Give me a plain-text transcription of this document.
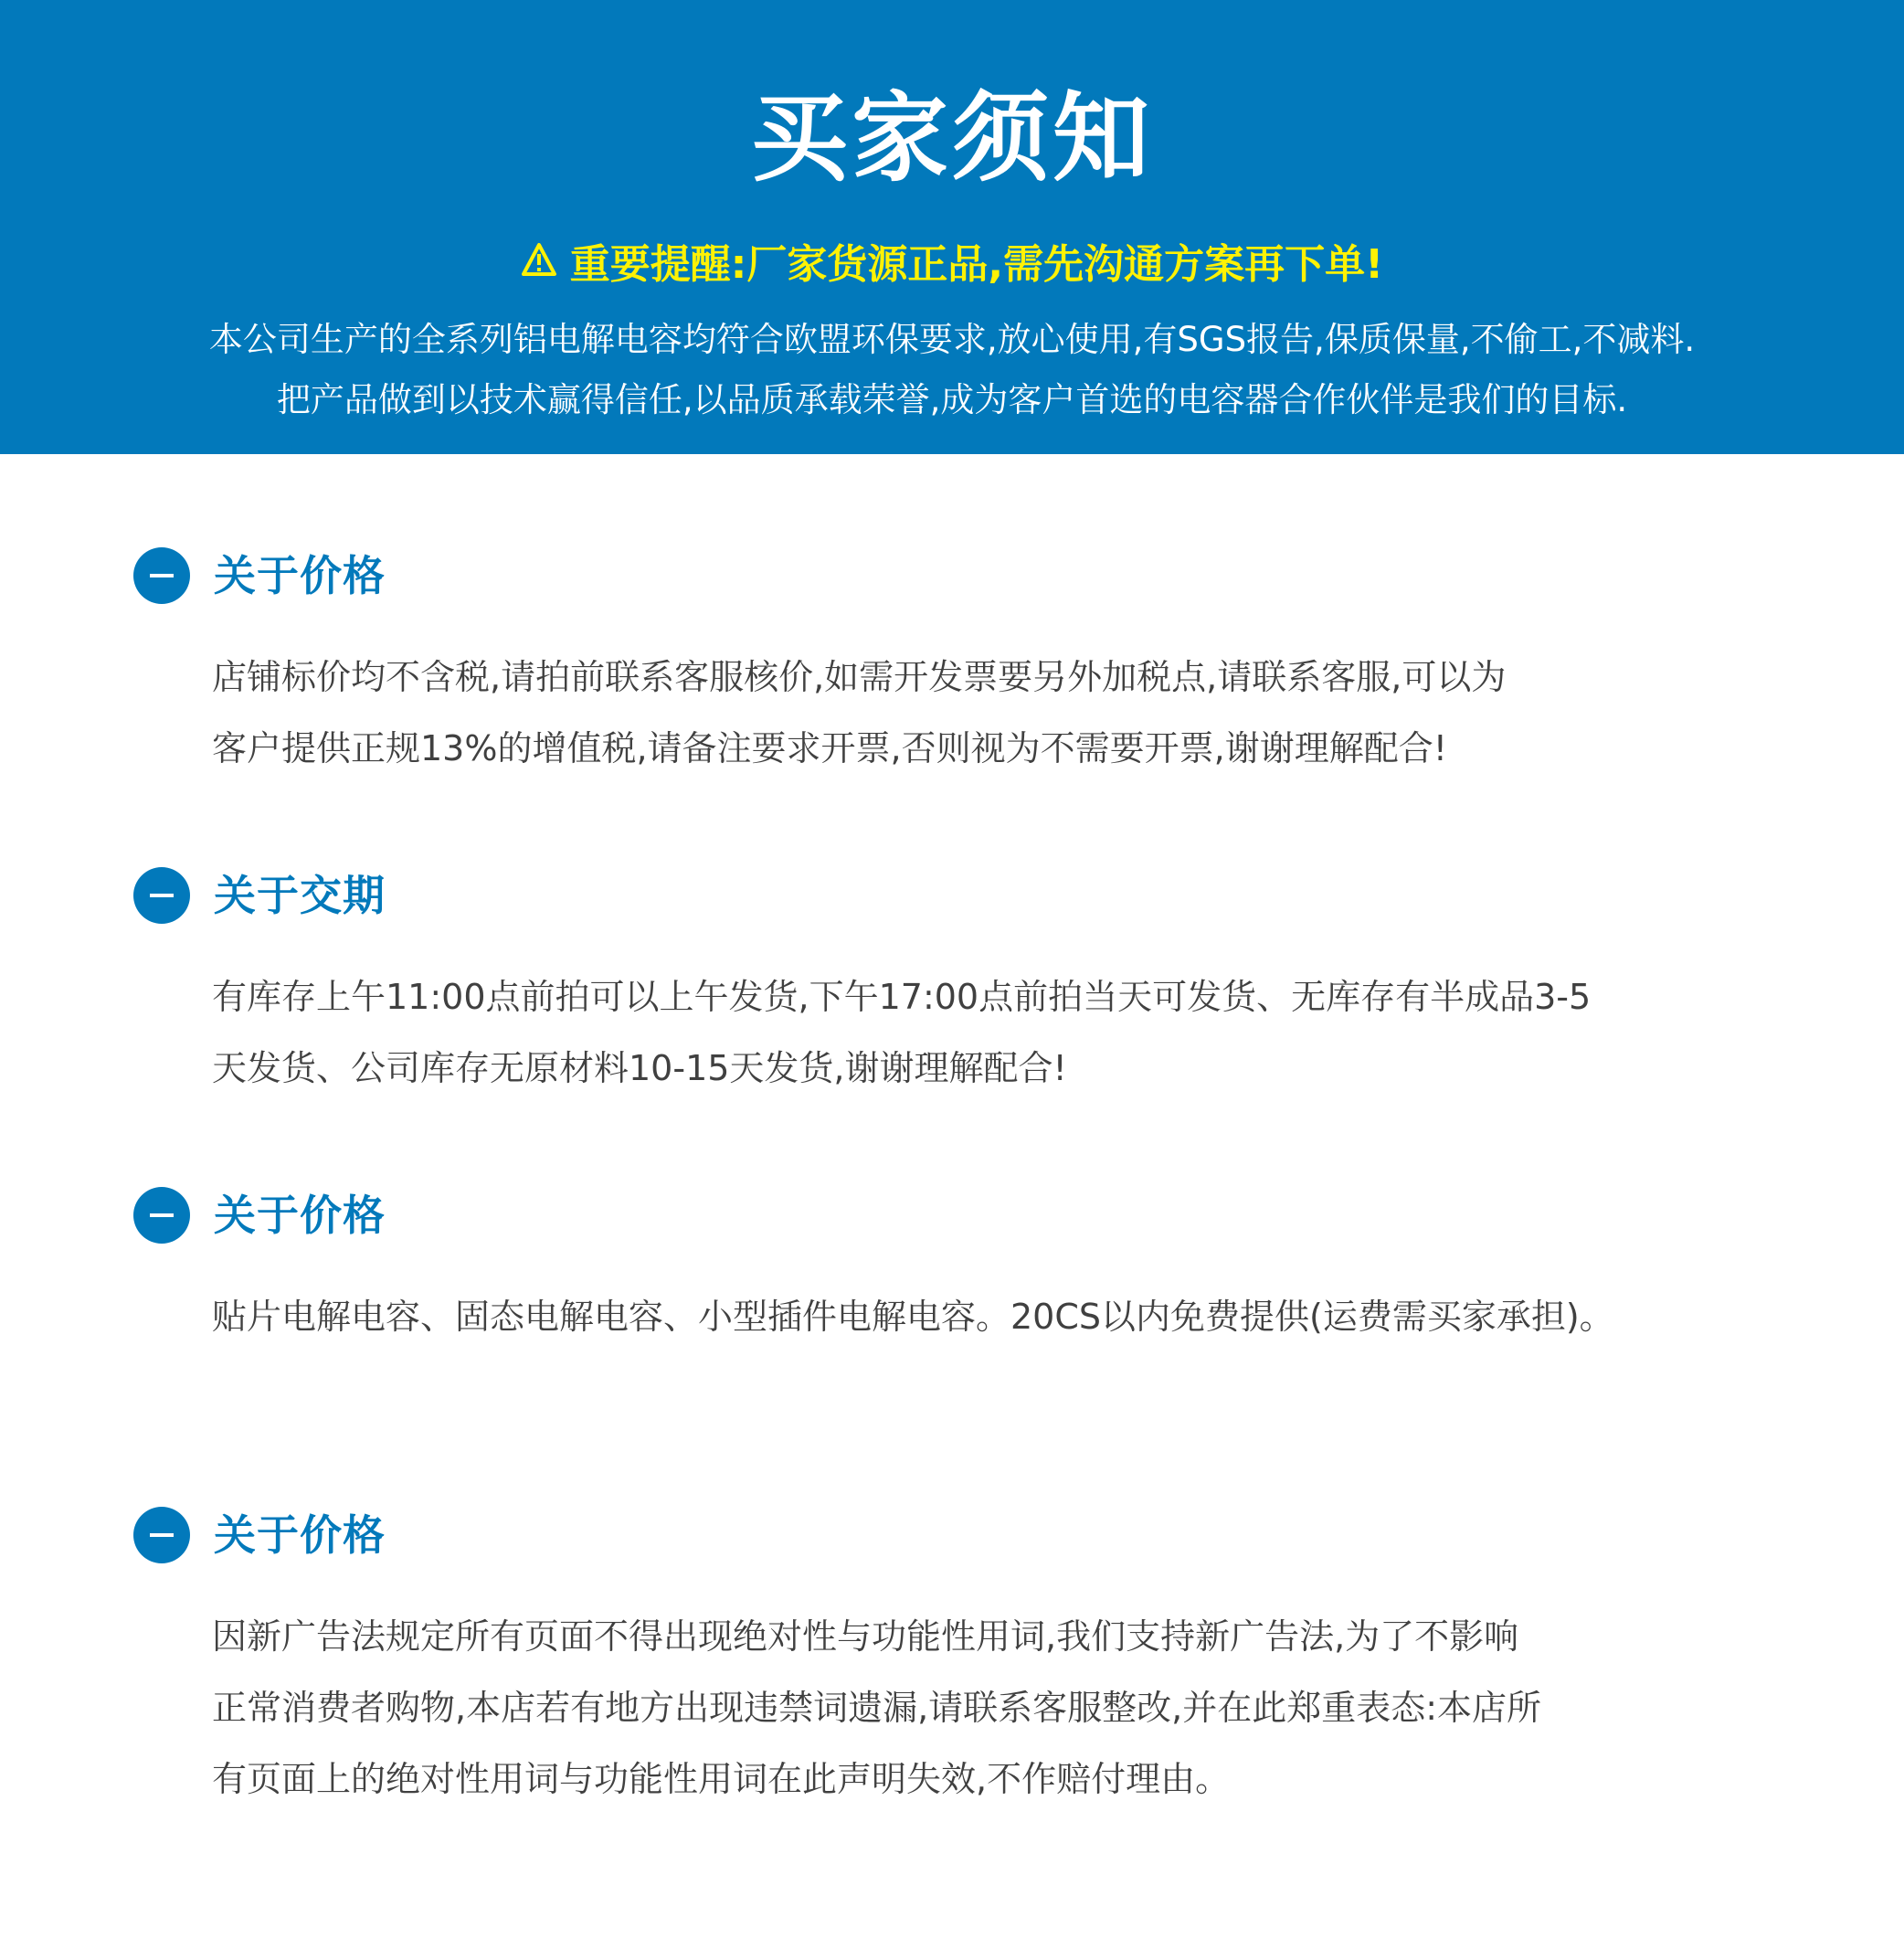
买家须知
重要提醒:厂家货源正品,需先沟通方案再下单!
本公司生产的全系列铝电解电容均符合欧盟环保要求,放心使用,有SGS报告,保质保量,不偷工,不减料.
把产品做到以技术赢得信任,以品质承载荣誉,成为客户首选的电容器合作伙伴是我们的目标.
关于价格
店铺标价均不含税,请拍前联系客服核价,如需开发票要另外加税点,请联系客服,可以为
客户提供正规13%的增值税,请备注要求开票,否则视为不需要开票,谢谢理解配合!
关于交期
有库存上午11:00点前拍可以上午发货,下午17:00点前拍当天可发货、无库存有半成品3-5
天发货、公司库存无原材料10-15天发货,谢谢理解配合!
关于价格
贴片电解电容、固态电解电容、小型插件电解电容。20CS以内免费提供(运费需买家承担)。
关于价格
因新广告法规定所有页面不得出现绝对性与功能性用词,我们支持新广告法,为了不影响
正常消费者购物,本店若有地方出现违禁词遗漏,请联系客服整改,并在此郑重表态:本店所
有页面上的绝对性用词与功能性用词在此声明失效,不作赔付理由。
